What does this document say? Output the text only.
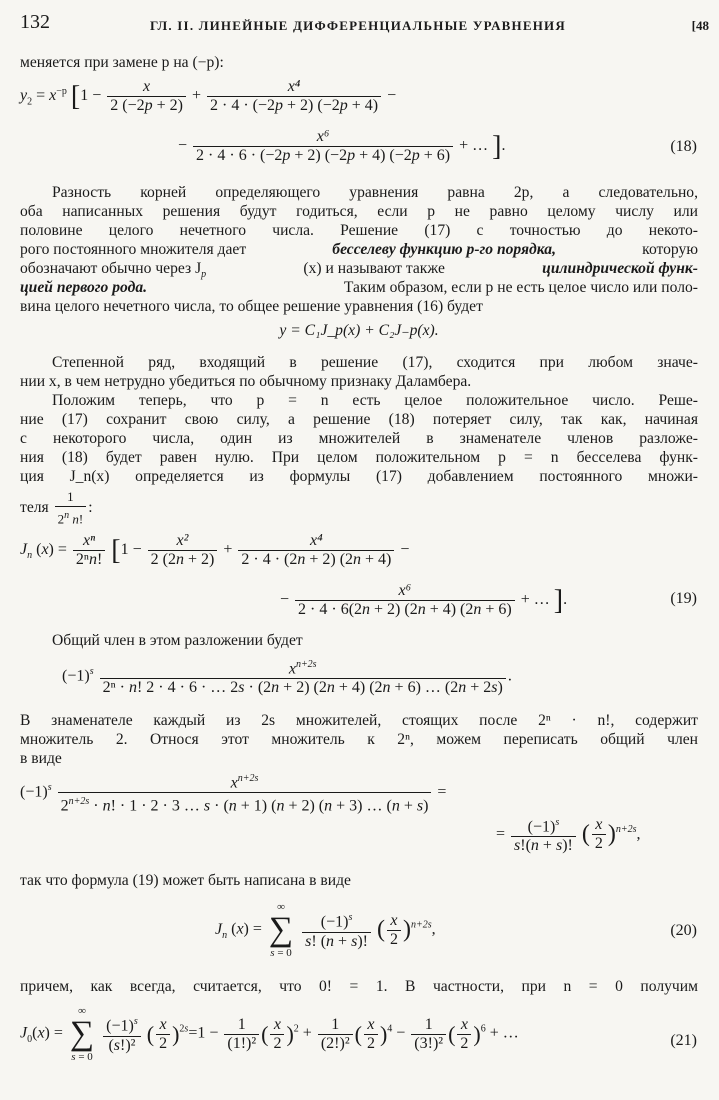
132	ГЛ. II. ЛИНЕЙНЫЕ ДИФФЕРЕНЦИАЛЬНЫЕ УРАВНЕНИЯ	[48
меняется при замене p на (−p):
$y_2 = x^{-p}$ [$1 - \frac{x}{2 (-2p + 2)} + \frac{\text{x⁴}}{2 \cdot 4 \cdot (-2p + 2) (-2p + 4)}$ −
− $\frac{\text{x⁶}}{2 \cdot 4 \cdot 6 \cdot (-2p + 2) (-2p + 4) (-2p + 6)}$ + … ].	(18)
Разность корней определяющего уравнения равна 2p, а следовательно,
оба написанных решения будут годиться, если p не равно целому числу или
половине целого нечетного числа. Решение (17) с точностью до некото-
рого постоянного множителя дает	бесселеву функцию p-го порядка,	которую
обозначают обычно через $J_p$	(x) и называют также	цилиндрической функ-
цией первого рода.	Таким образом, если p не есть целое число или поло-
вина целого нечетного числа, то общее решение уравнения (16) будет
y = C₁J_p(x) + C₂J₋p(x).
Степенной ряд, входящий в решение (17), сходится при любом значе-
нии x, в чем нетрудно убедиться по обычному признаку Даламбера.
Положим теперь, что p = n есть целое положительное число. Реше-
ние (17) сохранит свою силу, а решение (18) потеряет силу, так как, начиная
с некоторого числа, один из множителей в знаменателе членов разложе-
ния (18) будет равен нулю. При целом положительном p = n бесселева функ-
ция J_n(x) определяется из формулы (17) добавлением постоянного множи-
теля $\frac{1}{2^n n!}$ :
$J_n$ $(x) = \frac{\text{xⁿ}}{\text{2ⁿn!}} [1 - \frac{\text{x²}}{2 (2n + 2)} + \frac{\text{x⁴}}{2 \cdot 4 \cdot (2n + 2) (2n + 4)}$ −
− $\frac{\text{x⁶}}{2 \cdot 4 \cdot 6(2n + 2) (2n + 4) (2n + 6)}$ + … ].	(19)
Общий член в этом разложении будет
$(-1)^s$	$x^{n+2s}$
2ⁿ · n! 2 · 4 · 6 · … 2s · (2n + 2) (2n + 4) (2n + 6) … (2n + 2s)
.
В знаменателе каждый из 2s множителей, стоящих после 2ⁿ · n!, содержит
множитель 2. Относя этот множитель к 2ⁿ, можем переписать общий член
в виде
$(-1)^s$	$x^{n+2s}$
$2^{n+2s} \cdot n$! · 1 · 2 · 3 … s · (n + 1) (n + 2) (n + 3) … (n + s)
=
= $\frac{(-1)^s}{s!(n + s)!}$ ( $\frac{x}{2} )^{n+2s}$,
так что формула (19) может быть написана в виде
$J_n$ (x) =
∞
∑
s = 0

$\frac{(-1)^s}{s! (n + s)!}$ ( $\frac{x}{2} )^{n+2s}$,	(20)
причем, как всегда, считается, что 0! = 1. В частности, при n = 0 получим
$J_0(x)$ =
∞
∑
s = 0

$\frac{(-1)^s}{\text{(s!)²}}$ ( $\frac{x}{2} )^{2s}=1 - \frac{1}{\text{(1!)²}}$ ( $\frac{x}{2} )^2 + \frac{1}{\text{(2!)²}}$ ( $\frac{x}{2} )^4 - \frac{1}{\text{(3!)²}}$ ( $\frac{x}{2} )^6$ + …	(21)
